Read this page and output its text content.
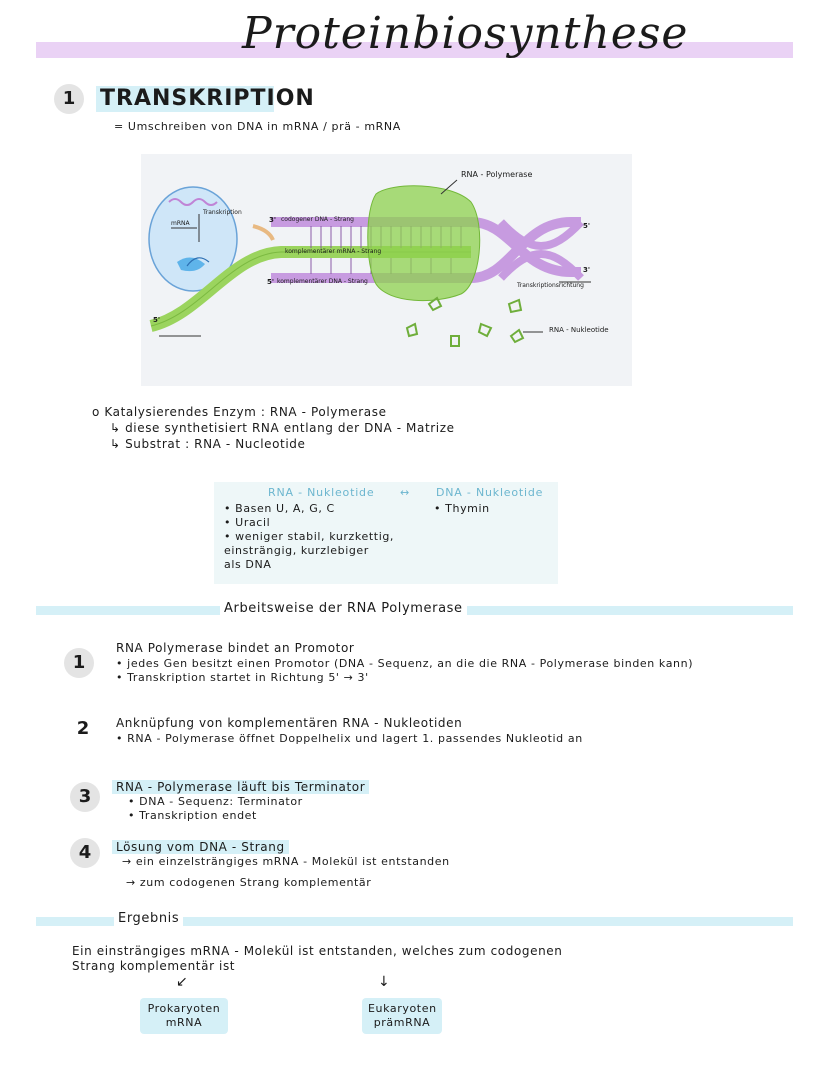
Proteinbiosynthese
1	TRANSKRIPTION
= Umschreiben von DNA in mRNA / prä - mRNA
Transkription
mRNA
RNA - Polymerase
3' codogener DNA - Strang
komplementärer mRNA - Strang
5' komplementärer DNA - Strang
5'
3'
Transkriptionsrichtung
RNA - Nukleotide
5'
o Katalysierendes Enzym : RNA - Polymerase
↳ diese synthetisiert RNA entlang der DNA - Matrize
↳ Substrat : RNA - Nucleotide
RNA - Nukleotide ↔ DNA - Nukleotide
• Basen U, A, G, C
• Uracil
• weniger stabil, kurzkettig,
einsträngig, kurzlebiger
als DNA
• Thymin
Arbeitsweise der RNA Polymerase
1
RNA Polymerase bindet an Promotor
• jedes Gen besitzt einen Promotor (DNA - Sequenz, an die die RNA - Polymerase binden kann)
• Transkription startet in Richtung 5' → 3'
2	Anknüpfung von komplementären RNA - Nukleotiden
• RNA - Polymerase öffnet Doppelhelix und lagert 1. passendes Nukleotid an
3	RNA - Polymerase läuft bis Terminator
• DNA - Sequenz: Terminator
• Transkription endet
4	Lösung vom DNA - Strang
→ ein einzelsträngiges mRNA - Molekül ist entstanden
→ zum codogenen Strang komplementär
Ergebnis
Ein einsträngiges mRNA - Molekül ist entstanden, welches zum codogenen
Strang komplementär ist
↙	↓
Prokaryoten
mRNA
Eukaryoten
prämRNA
